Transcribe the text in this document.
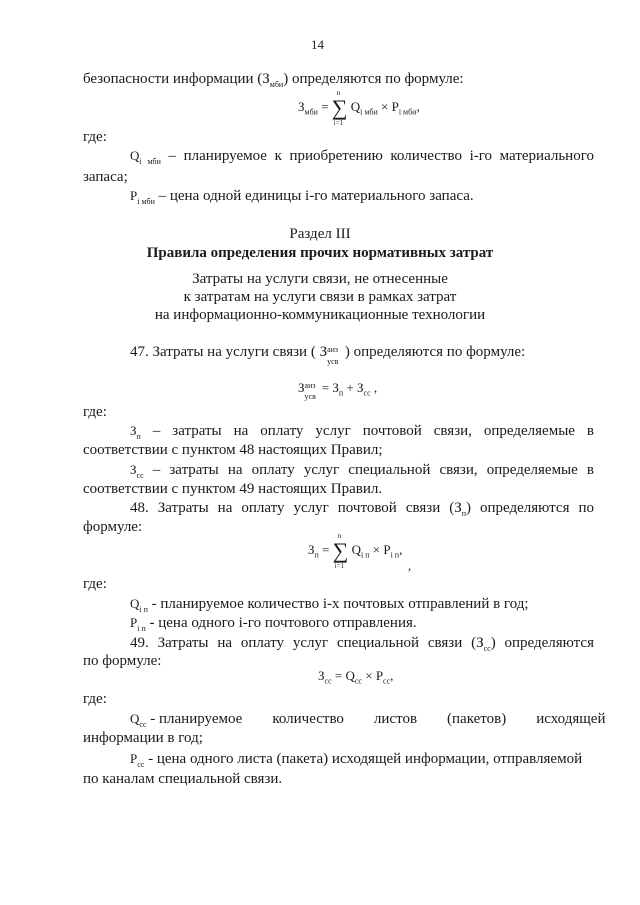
14
безопасности информации $(З_{мби})$ определяются по формуле:
$З_{мби}$ = ∑
n
i=1
$Q_{i мби} \times P_{i мби}$,
где:
$Q_{i мби}$ – планируемое к приобретению количество i-го материального
запаса;
$P_{i мби}$ – цена одной единицы i-го материального запаса.
Раздел III
Правила определения прочих нормативных затрат
Затраты на услуги связи, не отнесенные
к затратам на услуги связи в рамках затрат
на информационно-коммуникационные технологии
47. Затраты на услуги связи ( З аиз
усв
) определяются по формуле:
З аиз
усв
= $З_п + З_{сс}$ ,
где:
$З_п$ – затраты на оплату услуг почтовой связи, определяемые в
соответствии с пунктом 48 настоящих Правил;
$З_{сс}$ – затраты на оплату услуг специальной связи, определяемые в
соответствии с пунктом 49 настоящих Правил.
48. Затраты на оплату услуг почтовой связи $(З_п)$ определяются по
формуле:
$З_п$ = ∑
n
i=1
$Q_{i п} \times P_{i п}$,
,
где:
$Q_{i п}$ - планируемое количество i-х почтовых отправлений в год;
$P_{i п}$ - цена одного i-го почтового отправления.
49. Затраты на оплату услуг специальной связи $(З_{сс})$ определяются
по формуле:
$З_{сс} = Q_{сс} \times P_{сс}$,
где:
$Q_{сс}$ - планируемое        количество        листов        (пакетов)        исходящей
информации в год;
$P_{сс}$ - цена одного листа (пакета) исходящей информации, отправляемой
по каналам специальной связи.
